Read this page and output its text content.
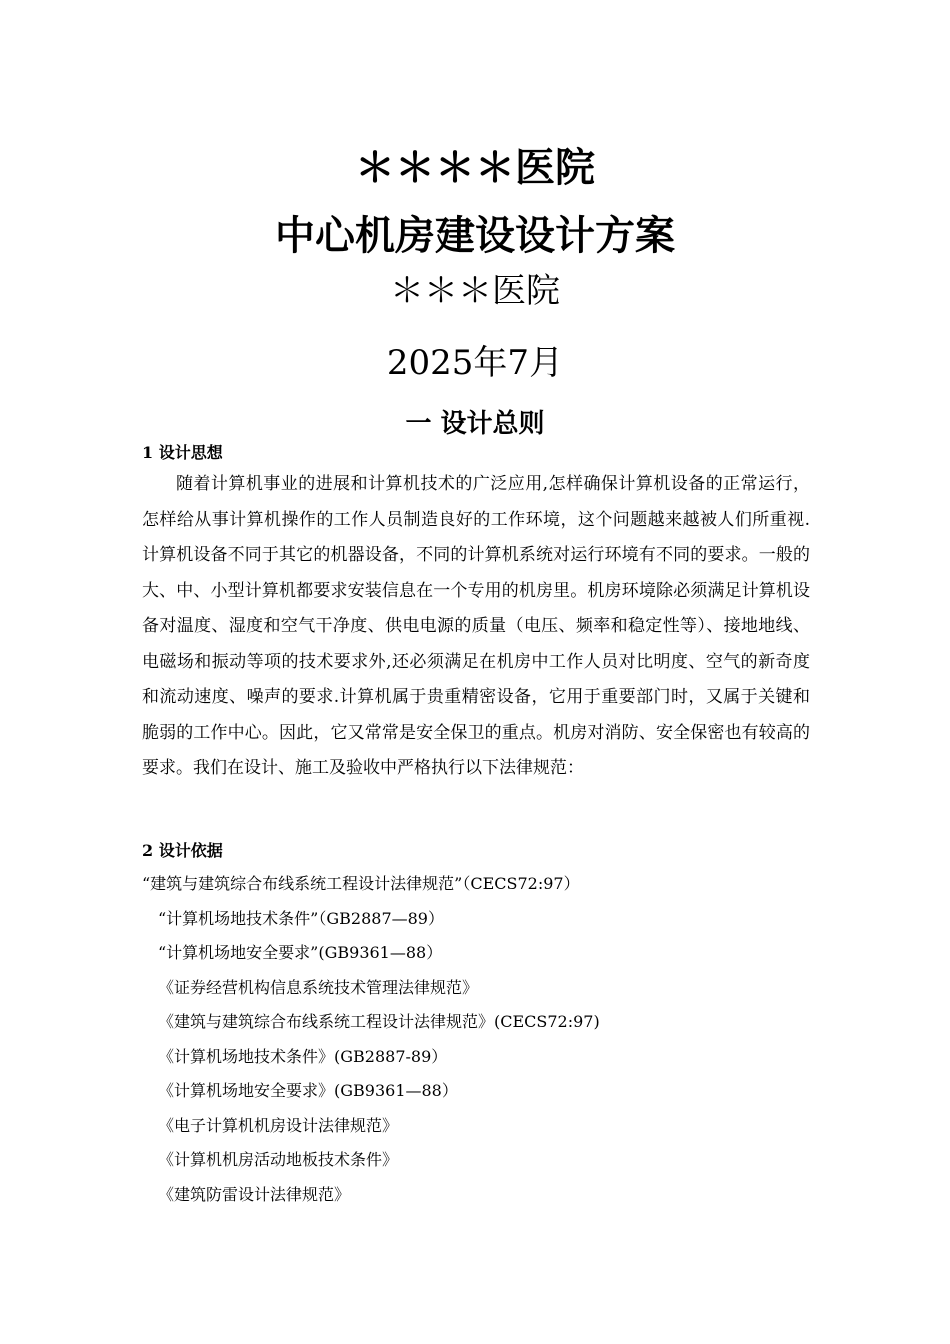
＊＊＊＊医院
中心机房建设设计方案
＊＊＊医院
2025年7月
一 设计总则
1 设计思想

随着计算机事业的进展和计算机技术的广泛应用,怎样确保计算机设备的正常运行，怎样给从事计算机操作的工作人员制造良好的工作环境，这个问题越来越被人们所重视.计算机设备不同于其它的机器设备，不同的计算机系统对运行环境有不同的要求。一般的大、中、小型计算机都要求安装信息在一个专用的机房里。机房环境除必须满足计算机设备对温度、湿度和空气干净度、供电电源的质量（电压、频率和稳定性等）、接地地线、电磁场和振动等项的技术要求外,还必须满足在机房中工作人员对比明度、空气的新奇度和流动速度、噪声的要求.计算机属于贵重精密设备，它用于重要部门时，又属于关键和脆弱的工作中心。因此，它又常常是安全保卫的重点。机房对消防、安全保密也有较高的要求。我们在设计、施工及验收中严格执行以下法律规范：

2 设计依据
“建筑与建筑综合布线系统工程设计法律规范”（CECS72:97）
“计算机场地技术条件”（GB2887—89）
“计算机场地安全要求”(GB9361—88）
《证券经营机构信息系统技术管理法律规范》
《建筑与建筑综合布线系统工程设计法律规范》(CECS72:97)
《计算机场地技术条件》(GB2887-89）
《计算机场地安全要求》(GB9361—88）
《电子计算机机房设计法律规范》
《计算机机房活动地板技术条件》
《建筑防雷设计法律规范》
